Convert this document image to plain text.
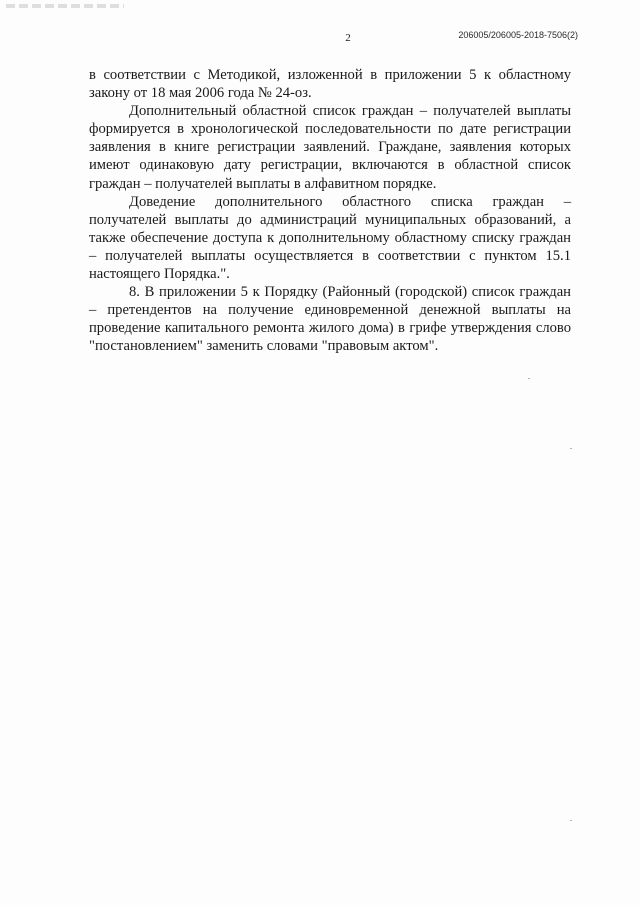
2	206005/206005-2018-7506(2)

в соответствии с Методикой, изложенной в приложении 5 к областному закону от 18 мая 2006 года № 24-оз.

Дополнительный областной список граждан – получателей выплаты формируется в хронологической последовательности по дате регистрации заявления в книге регистрации заявлений. Граждане, заявления которых имеют одинаковую дату регистрации, включаются в областной список граждан – получателей выплаты в алфавитном порядке.

Доведение дополнительного областного списка граждан – получателей выплаты до администраций муниципальных образований, а также обеспечение доступа к дополнительному областному списку граждан – получателей выплаты осуществляется в соответствии с пунктом 15.1 настоящего Порядка.".

8. В приложении 5 к Порядку (Районный (городской) список граждан – претендентов на получение единовременной денежной выплаты на проведение капитального ремонта жилого дома) в грифе утверждения слово "постановлением" заменить словами "правовым актом".
